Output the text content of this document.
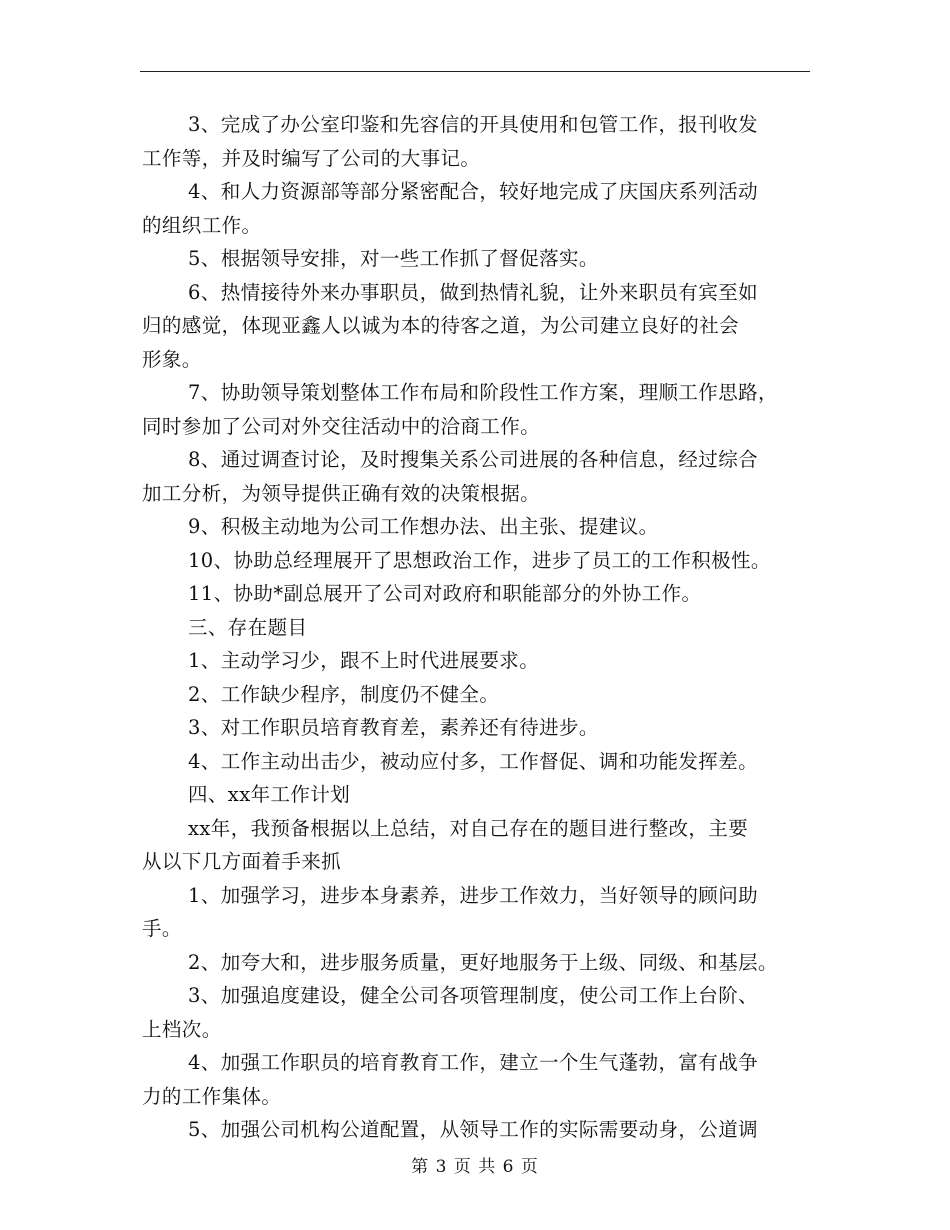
3、完成了办公室印鉴和先容信的开具使用和包管工作，报刊收发

工作等，并及时编写了公司的大事记。

4、和人力资源部等部分紧密配合，较好地完成了庆国庆系列活动

的组织工作。

5、根据领导安排，对一些工作抓了督促落实。

6、热情接待外来办事职员，做到热情礼貌，让外来职员有宾至如

归的感觉，体现亚鑫人以诚为本的待客之道，为公司建立良好的社会

形象。

7、协助领导策划整体工作布局和阶段性工作方案，理顺工作思路，

同时参加了公司对外交往活动中的洽商工作。

8、通过调查讨论，及时搜集关系公司进展的各种信息，经过综合

加工分析，为领导提供正确有效的决策根据。

9、积极主动地为公司工作想办法、出主张、提建议。

10、协助总经理展开了思想政治工作，进步了员工的工作积极性。

11、协助*副总展开了公司对政府和职能部分的外协工作。

三、存在题目

1、主动学习少，跟不上时代进展要求。

2、工作缺少程序，制度仍不健全。

3、对工作职员培育教育差，素养还有待进步。

4、工作主动出击少，被动应付多，工作督促、调和功能发挥差。

四、xx年工作计划

xx年，我预备根据以上总结，对自己存在的题目进行整改，主要

从以下几方面着手来抓

1、加强学习，进步本身素养，进步工作效力，当好领导的顾问助

手。

2、加夸大和，进步服务质量，更好地服务于上级、同级、和基层。

3、加强追度建设，健全公司各项管理制度，使公司工作上台阶、

上档次。

4、加强工作职员的培育教育工作，建立一个生气蓬勃，富有战争

力的工作集体。

5、加强公司机构公道配置，从领导工作的实际需要动身，公道调

第 3 页 共 6 页
